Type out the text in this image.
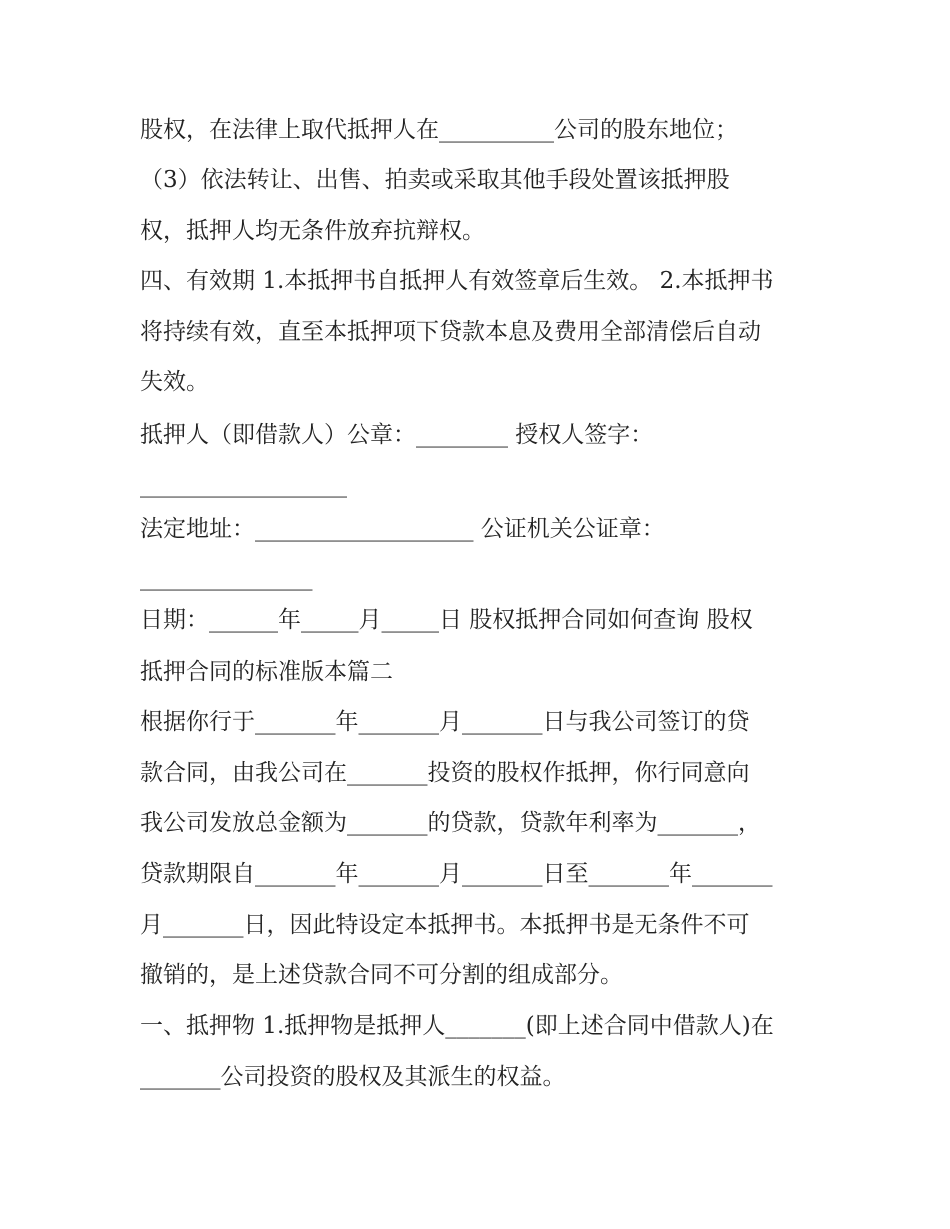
股权，在法律上取代抵押人在__________公司的股东地位；

（3）依法转让、出售、拍卖或采取其他手段处置该抵押股

权，抵押人均无条件放弃抗辩权。

四、有效期 1.本抵押书自抵押人有效签章后生效。 2.本抵押书

将持续有效，直至本抵押项下贷款本息及费用全部清偿后自动

失效。

抵押人（即借款人）公章：________ 授权人签字：

__________________

法定地址：___________________ 公证机关公证章：

_______________

日期：______年_____月_____日 股权抵押合同如何查询 股权

抵押合同的标准版本篇二

根据你行于_______年_______月_______日与我公司签订的贷

款合同，由我公司在_______投资的股权作抵押，你行同意向

我公司发放总金额为_______的贷款，贷款年利率为_______，

贷款期限自_______年_______月_______日至_______年_______

月_______日，因此特设定本抵押书。本抵押书是无条件不可

撤销的，是上述贷款合同不可分割的组成部分。

一、抵押物 1.抵押物是抵押人_______(即上述合同中借款人)在

_______公司投资的股权及其派生的权益。
